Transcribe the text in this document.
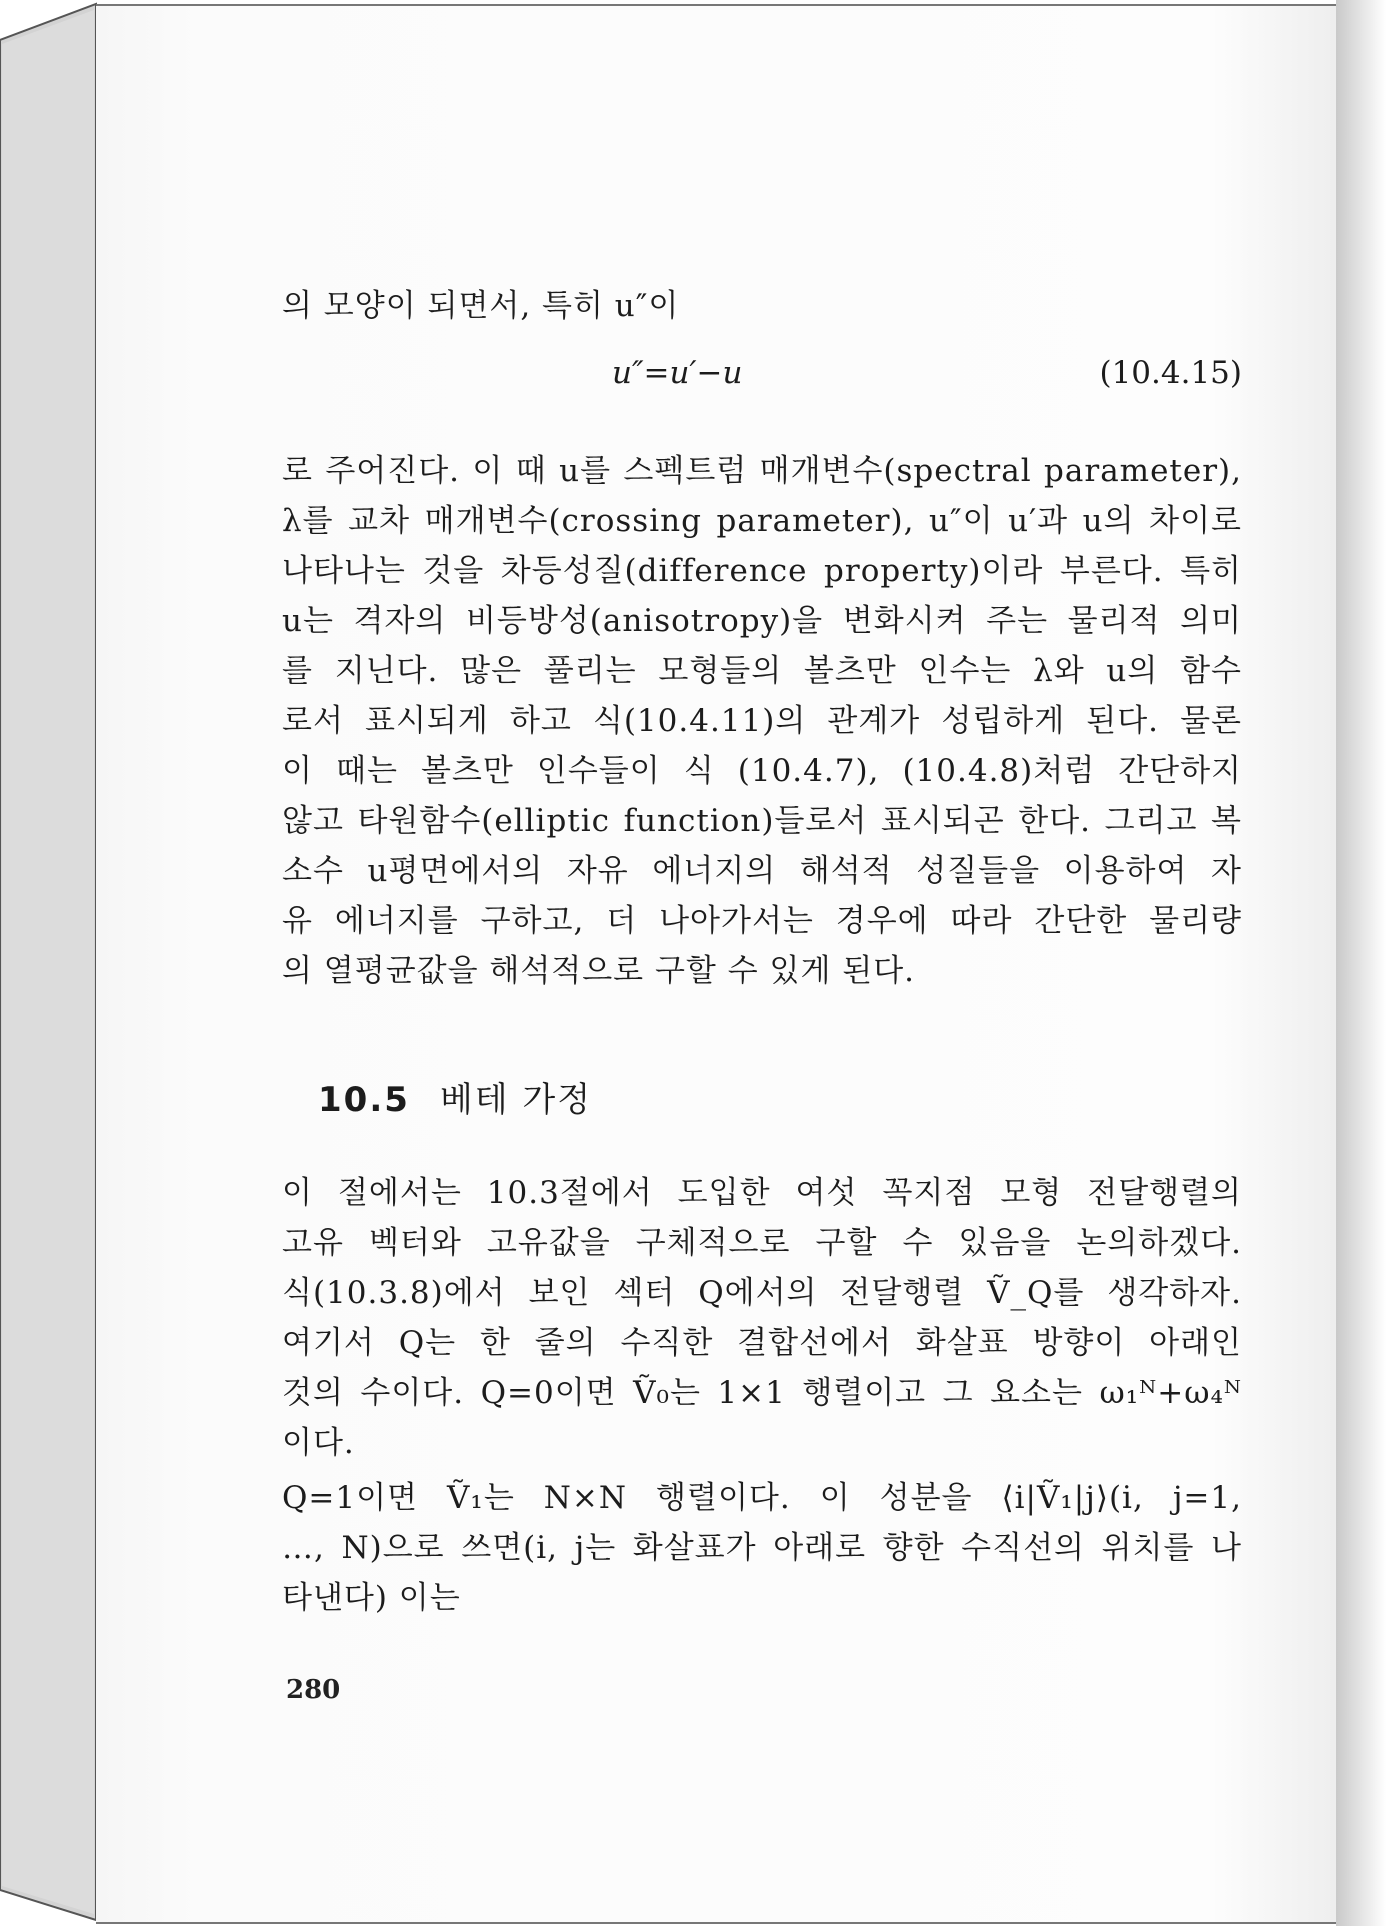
의 모양이 되면서, 특히 u″이
u″=u′−u	(10.4.15)
로 주어진다. 이 때 u를 스펙트럼 매개변수(spectral parameter),
λ를 교차 매개변수(crossing parameter), u″이 u′과 u의 차이로
나타나는 것을 차등성질(difference property)이라 부른다. 특히
u는 격자의 비등방성(anisotropy)을 변화시켜 주는 물리적 의미
를 지닌다. 많은 풀리는 모형들의 볼츠만 인수는 λ와 u의 함수
로서 표시되게 하고 식(10.4.11)의 관계가 성립하게 된다. 물론
이 때는 볼츠만 인수들이 식 (10.4.7), (10.4.8)처럼 간단하지
않고 타원함수(elliptic function)들로서 표시되곤 한다. 그리고 복
소수 u평면에서의 자유 에너지의 해석적 성질들을 이용하여 자
유 에너지를 구하고, 더 나아가서는 경우에 따라 간단한 물리량
의 열평균값을 해석적으로 구할 수 있게 된다.
10.5 베테 가정
이 절에서는 10.3절에서 도입한 여섯 꼭지점 모형 전달행렬의
고유 벡터와 고유값을 구체적으로 구할 수 있음을 논의하겠다.
식(10.3.8)에서 보인 섹터 Q에서의 전달행렬 Ṽ_Q를 생각하자.
여기서 Q는 한 줄의 수직한 결합선에서 화살표 방향이 아래인
것의 수이다. Q=0이면 Ṽ₀는 1×1 행렬이고 그 요소는 ω₁ᴺ+ω₄ᴺ
이다.
Q=1이면 Ṽ₁는 N×N 행렬이다. 이 성분을 ⟨i|Ṽ₁|j⟩(i, j=1,
…, N)으로 쓰면(i, j는 화살표가 아래로 향한 수직선의 위치를 나
타낸다) 이는
280
